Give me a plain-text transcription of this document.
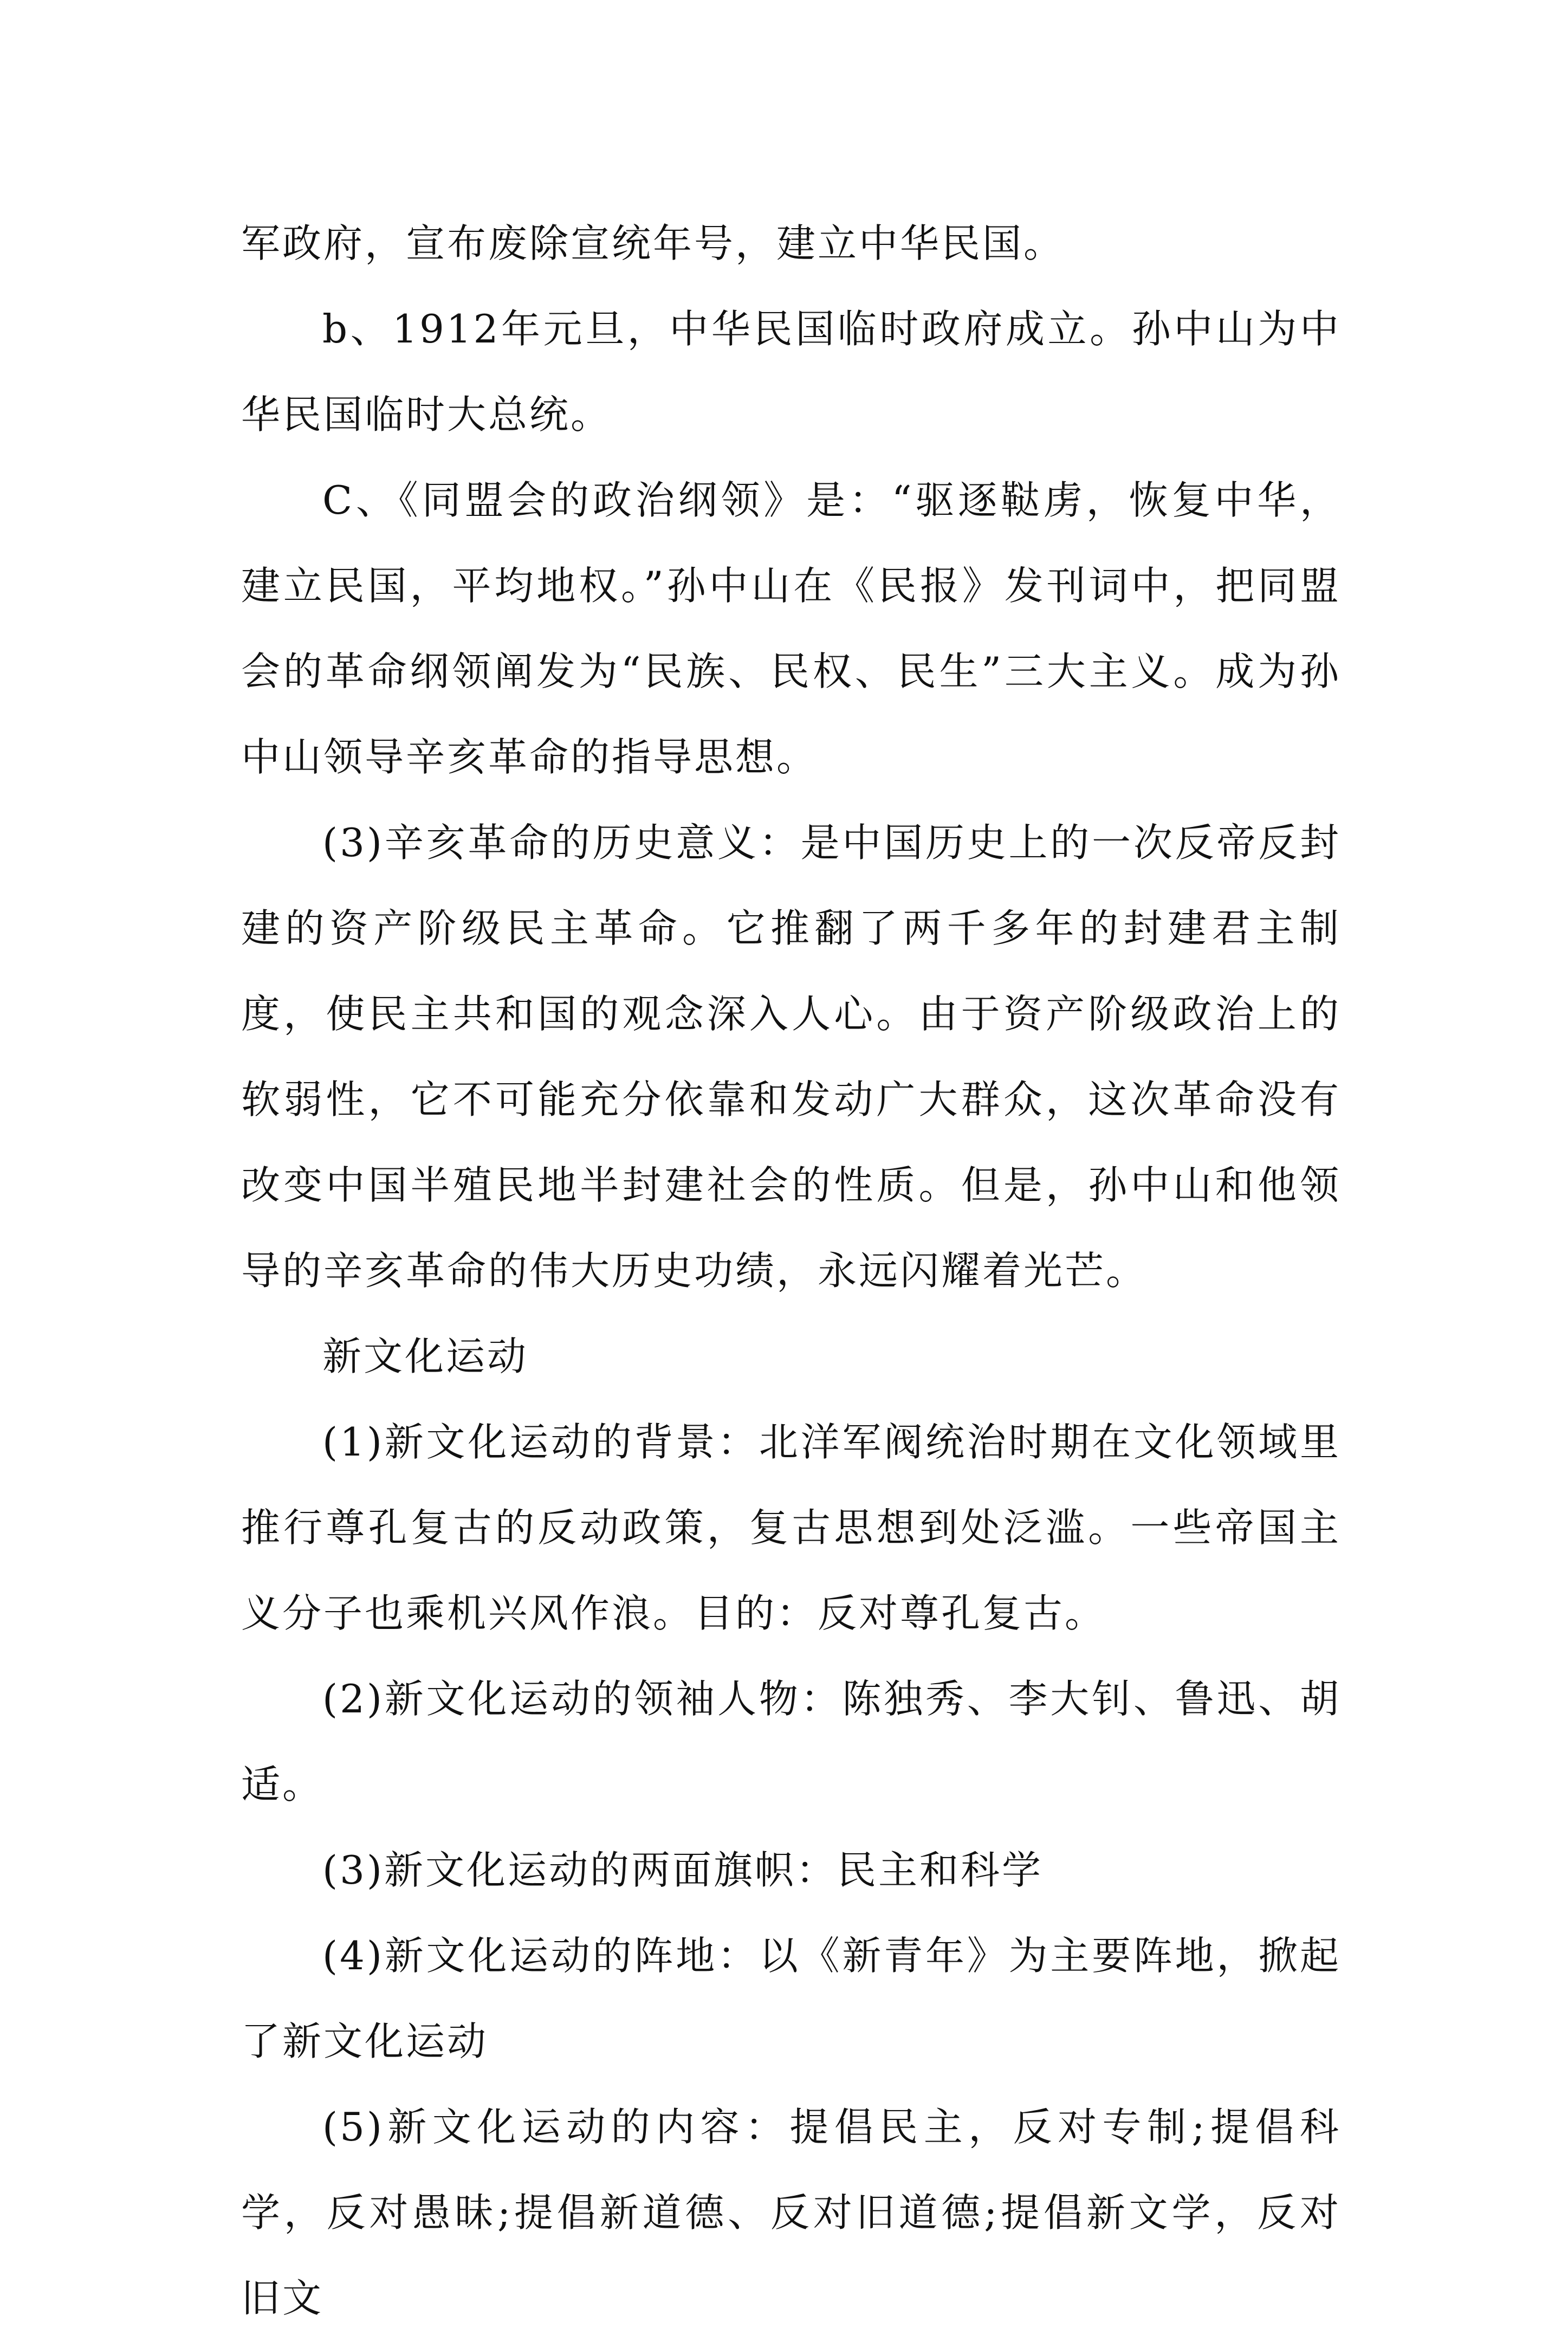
军政府，宣布废除宣统年号，建立中华民国。

b、1912年元旦，中华民国临时政府成立。孙中山为中华民国临时大总统。

C、《同盟会的政治纲领》是：“驱逐鞑虏，恢复中华，建立民国，平均地权。”孙中山在《民报》发刊词中，把同盟会的革命纲领阐发为“民族、民权、民生”三大主义。成为孙中山领导辛亥革命的指导思想。

(3)辛亥革命的历史意义：是中国历史上的一次反帝反封建的资产阶级民主革命。它推翻了两千多年的封建君主制度，使民主共和国的观念深入人心。由于资产阶级政治上的软弱性，它不可能充分依靠和发动广大群众，这次革命没有改变中国半殖民地半封建社会的性质。但是，孙中山和他领导的辛亥革命的伟大历史功绩，永远闪耀着光芒。

新文化运动

(1)新文化运动的背景：北洋军阀统治时期在文化领域里推行尊孔复古的反动政策，复古思想到处泛滥。一些帝国主义分子也乘机兴风作浪。目的：反对尊孔复古。

(2)新文化运动的领袖人物：陈独秀、李大钊、鲁迅、胡适。

(3)新文化运动的两面旗帜：民主和科学

(4)新文化运动的阵地：以《新青年》为主要阵地，掀起了新文化运动

(5)新文化运动的内容：提倡民主，反对专制;提倡科学，反对愚昧;提倡新道德、反对旧道德;提倡新文学，反对旧文
